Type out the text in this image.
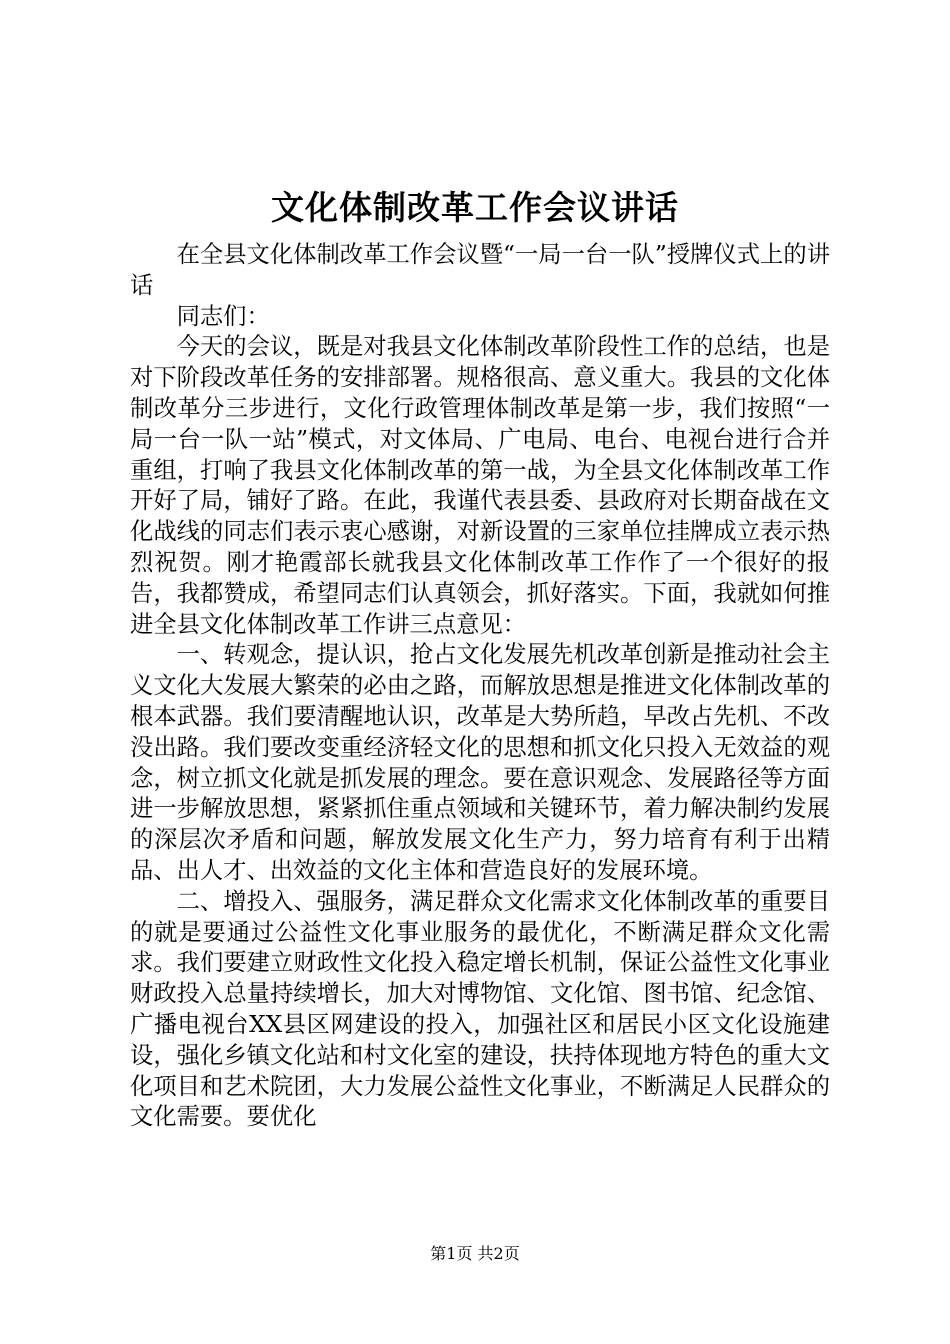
文化体制改革工作会议讲话

在全县文化体制改革工作会议暨“一局一台一队”授牌仪式上的讲话

同志们：

今天的会议，既是对我县文化体制改革阶段性工作的总结，也是对下阶段改革任务的安排部署。规格很高、意义重大。我县的文化体制改革分三步进行，文化行政管理体制改革是第一步，我们按照“一局一台一队一站”模式，对文体局、广电局、电台、电视台进行合并重组，打响了我县文化体制改革的第一战，为全县文化体制改革工作开好了局，铺好了路。在此，我谨代表县委、县政府对长期奋战在文化战线的同志们表示衷心感谢，对新设置的三家单位挂牌成立表示热烈祝贺。刚才艳霞部长就我县文化体制改革工作作了一个很好的报告，我都赞成，希望同志们认真领会，抓好落实。下面，我就如何推进全县文化体制改革工作讲三点意见：

一、转观念，提认识，抢占文化发展先机改革创新是推动社会主义文化大发展大繁荣的必由之路，而解放思想是推进文化体制改革的根本武器。我们要清醒地认识，改革是大势所趋，早改占先机、不改没出路。我们要改变重经济轻文化的思想和抓文化只投入无效益的观念，树立抓文化就是抓发展的理念。要在意识观念、发展路径等方面进一步解放思想，紧紧抓住重点领域和关键环节，着力解决制约发展的深层次矛盾和问题，解放发展文化生产力，努力培育有利于出精品、出人才、出效益的文化主体和营造良好的发展环境。

二、增投入、强服务，满足群众文化需求文化体制改革的重要目的就是要通过公益性文化事业服务的最优化，不断满足群众文化需求。我们要建立财政性文化投入稳定增长机制，保证公益性文化事业财政投入总量持续增长，加大对博物馆、文化馆、图书馆、纪念馆、广播电视台XX县区网建设的投入，加强社区和居民小区文化设施建设，强化乡镇文化站和村文化室的建设，扶持体现地方特色的重大文化项目和艺术院团，大力发展公益性文化事业，不断满足人民群众的文化需要。要优化

第1页 共2页
